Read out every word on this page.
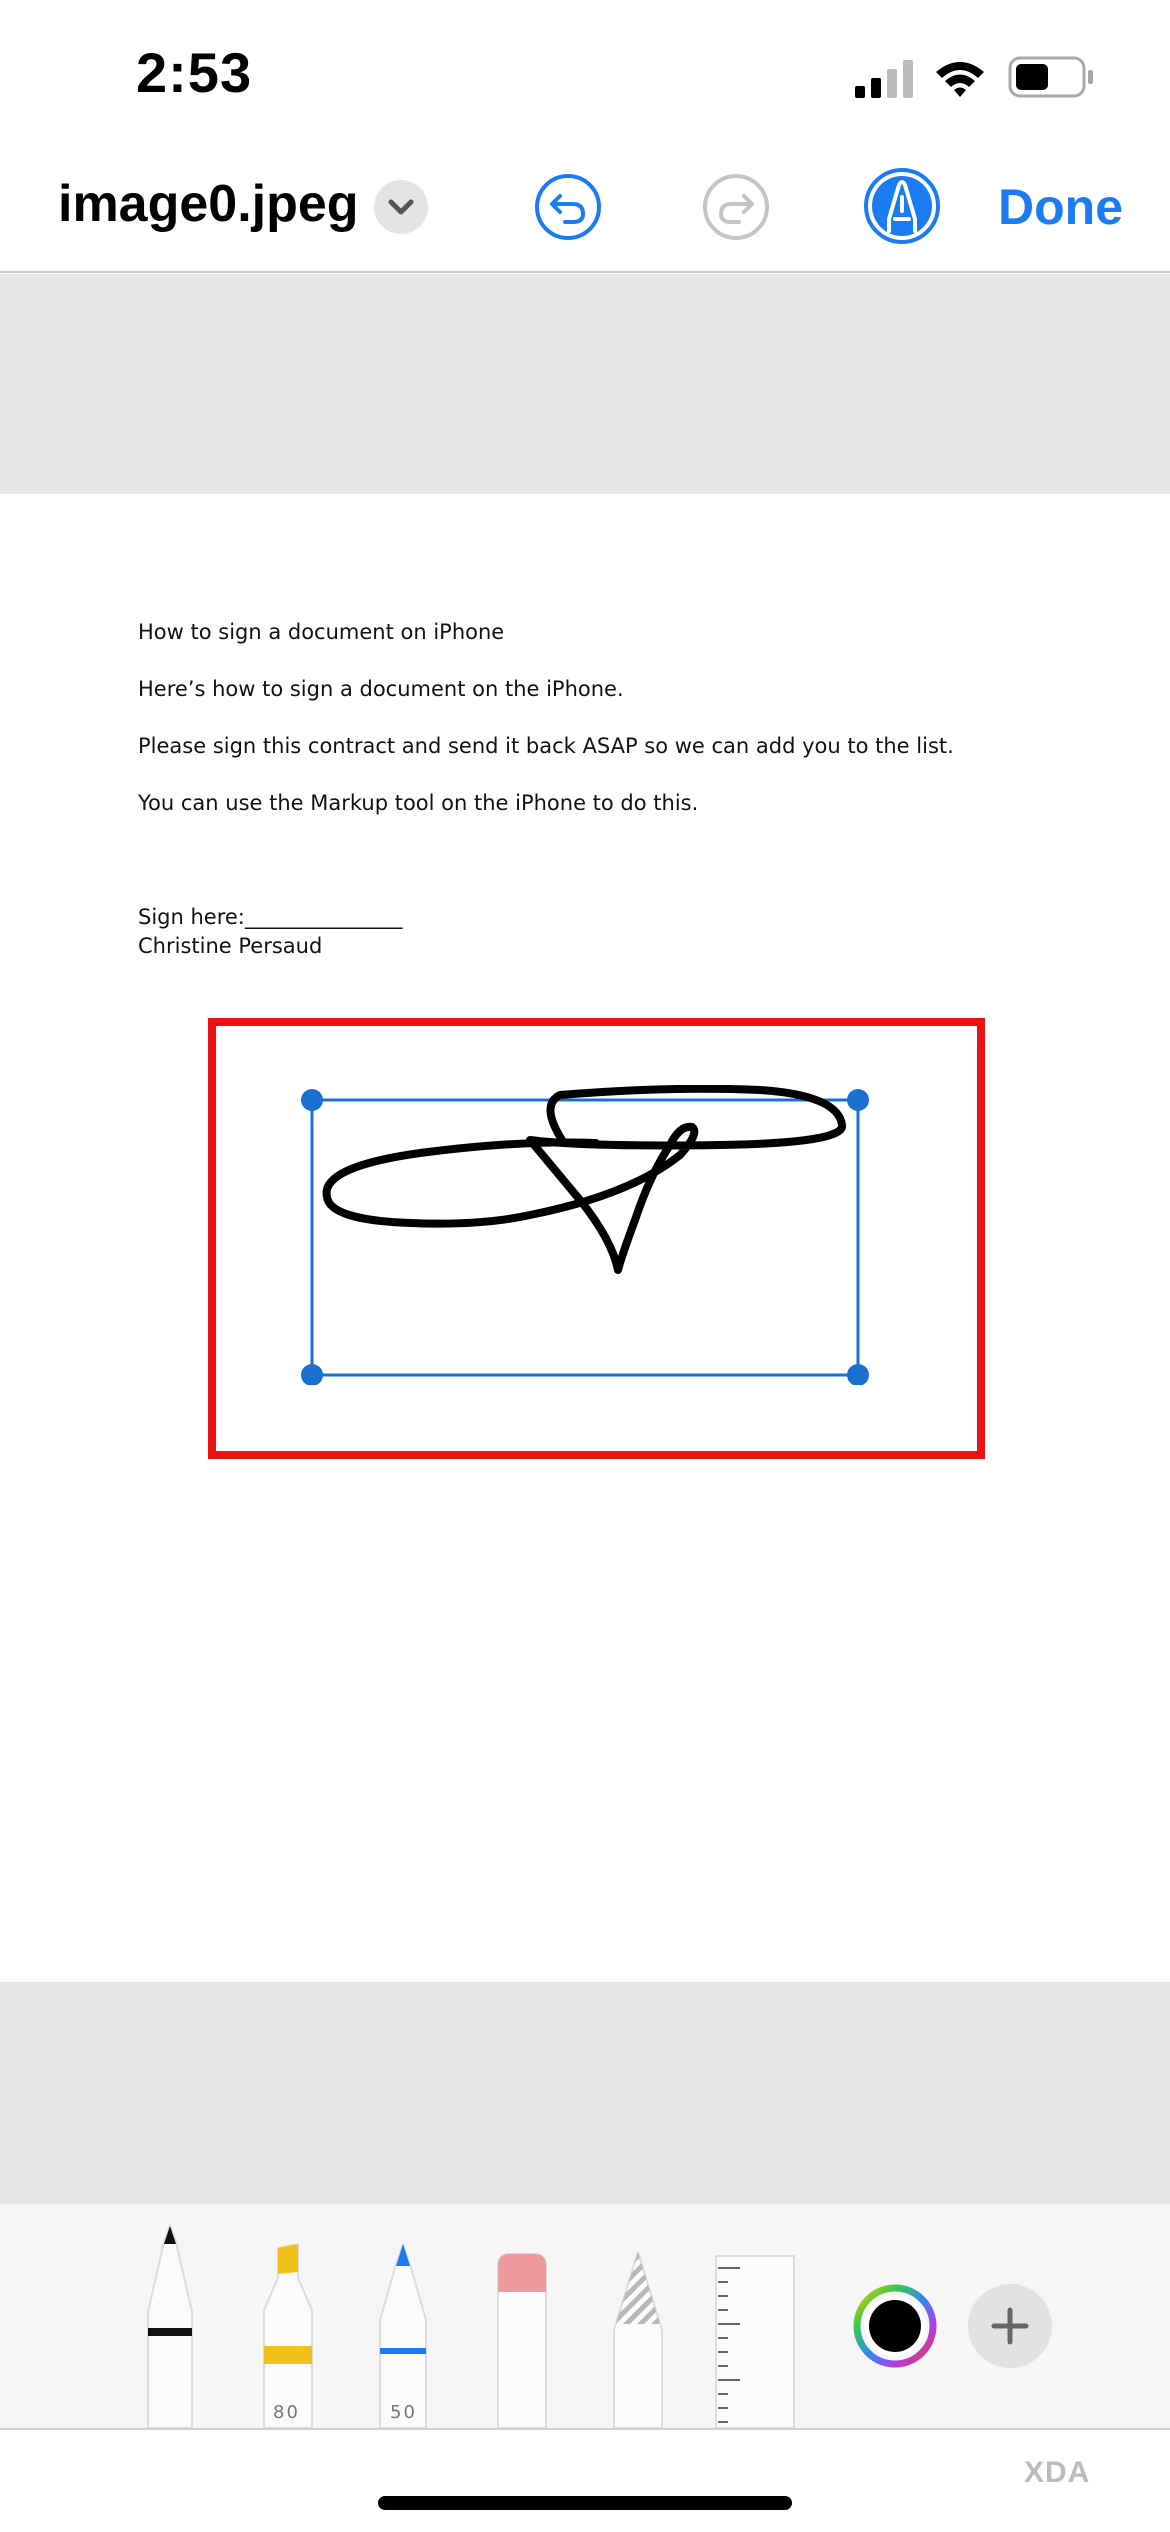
2:53
image0.jpeg	Done
How to sign a document on iPhone
Here’s how to sign a document on the iPhone.
Please sign this contract and send it back ASAP so we can add you to the list.
You can use the Markup tool on the iPhone to do this.
Sign here:_______________
Christine Persaud
80	50
XDA
